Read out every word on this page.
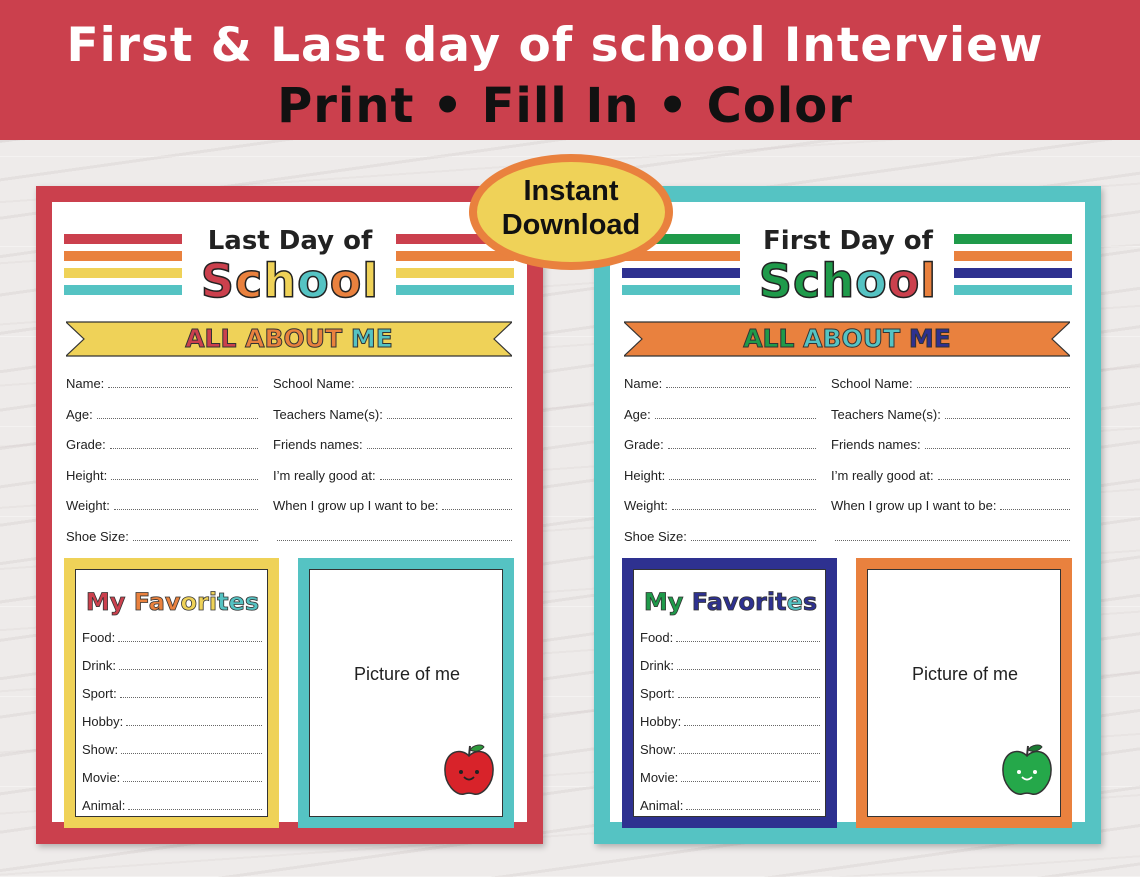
First & Last day of school Interview
Print • Fill In • Color
Last Day of
School
ALL ABOUT ME
Name:
Age:
Grade:
Height:
Weight:
Shoe Size:
School Name:
Teachers Name(s):
Friends names:
I’m really good at:
When I grow up I want to be:
My Favorites
Food:
Drink:
Sport:
Hobby:
Show:
Movie:
Animal:
Picture of me
First Day of
School
ALL ABOUT ME
Name:
Age:
Grade:
Height:
Weight:
Shoe Size:
School Name:
Teachers Name(s):
Friends names:
I’m really good at:
When I grow up I want to be:
My Favorites
Food:
Drink:
Sport:
Hobby:
Show:
Movie:
Animal:
Picture of me
Instant
Download
